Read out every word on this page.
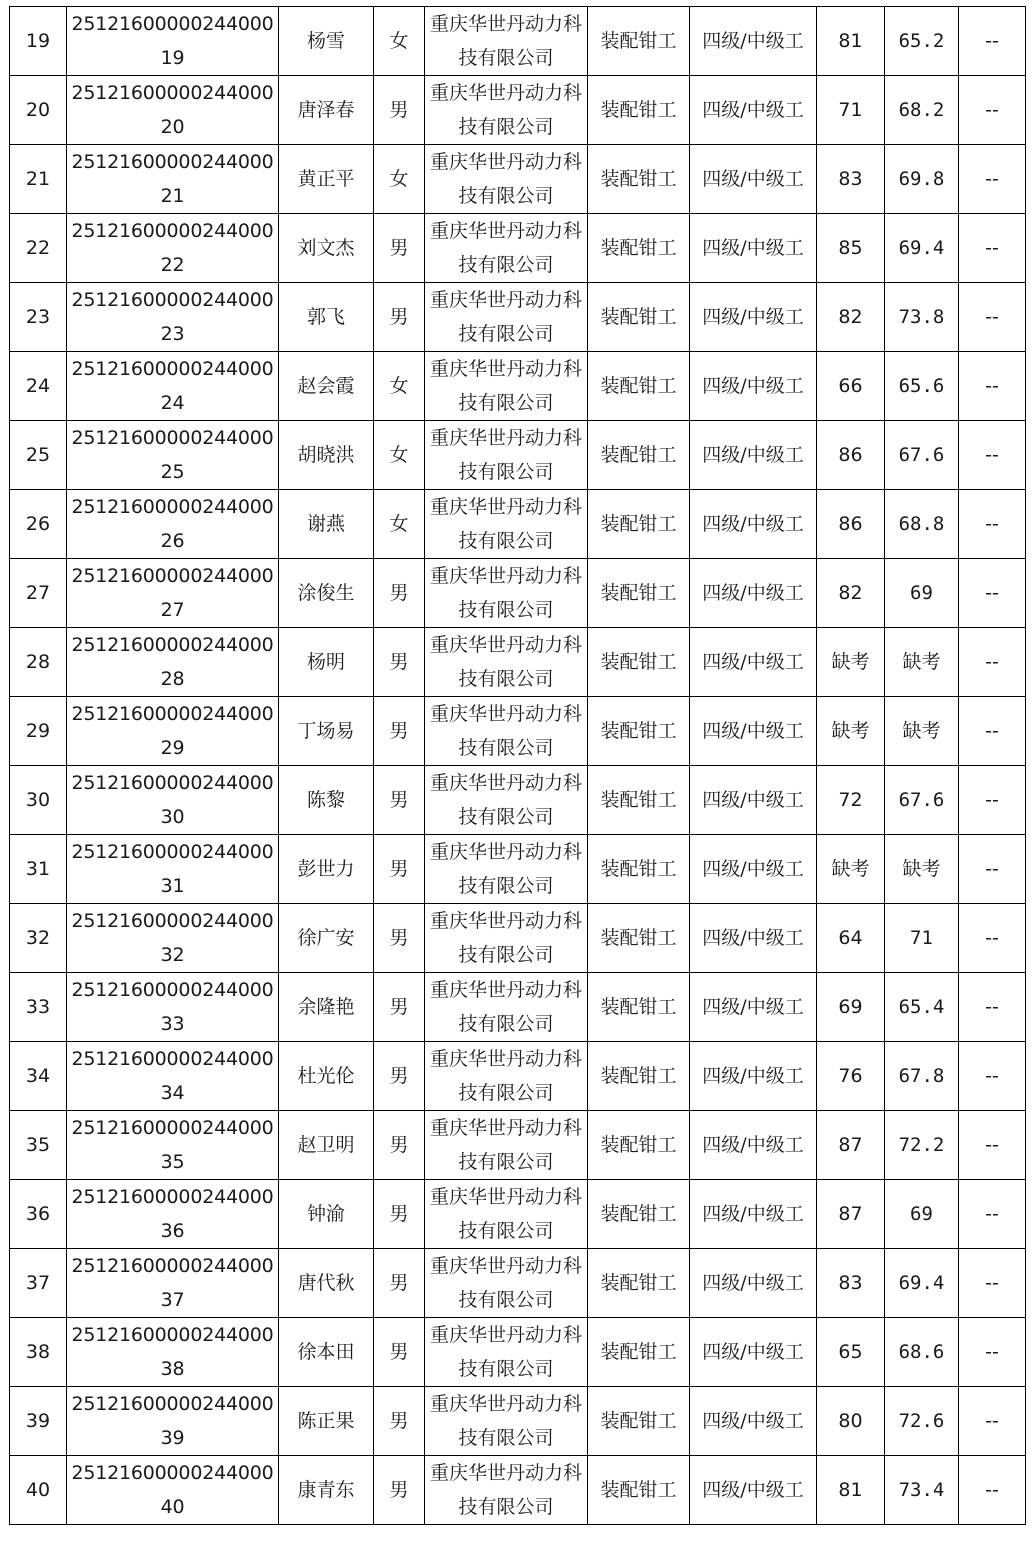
19	2512160000024400019	杨雪	女	重庆华世丹动力科技有限公司	装配钳工	四级/中级工	81	65.2	--
20	2512160000024400020	唐泽春	男	重庆华世丹动力科技有限公司	装配钳工	四级/中级工	71	68.2	--
21	2512160000024400021	黄正平	女	重庆华世丹动力科技有限公司	装配钳工	四级/中级工	83	69.8	--
22	2512160000024400022	刘文杰	男	重庆华世丹动力科技有限公司	装配钳工	四级/中级工	85	69.4	--
23	2512160000024400023	郭飞	男	重庆华世丹动力科技有限公司	装配钳工	四级/中级工	82	73.8	--
24	2512160000024400024	赵会霞	女	重庆华世丹动力科技有限公司	装配钳工	四级/中级工	66	65.6	--
25	2512160000024400025	胡晓洪	女	重庆华世丹动力科技有限公司	装配钳工	四级/中级工	86	67.6	--
26	2512160000024400026	谢燕	女	重庆华世丹动力科技有限公司	装配钳工	四级/中级工	86	68.8	--
27	2512160000024400027	涂俊生	男	重庆华世丹动力科技有限公司	装配钳工	四级/中级工	82	69	--
28	2512160000024400028	杨明	男	重庆华世丹动力科技有限公司	装配钳工	四级/中级工	缺考	缺考	--
29	2512160000024400029	丁场易	男	重庆华世丹动力科技有限公司	装配钳工	四级/中级工	缺考	缺考	--
30	2512160000024400030	陈黎	男	重庆华世丹动力科技有限公司	装配钳工	四级/中级工	72	67.6	--
31	2512160000024400031	彭世力	男	重庆华世丹动力科技有限公司	装配钳工	四级/中级工	缺考	缺考	--
32	2512160000024400032	徐广安	男	重庆华世丹动力科技有限公司	装配钳工	四级/中级工	64	71	--
33	2512160000024400033	余隆艳	男	重庆华世丹动力科技有限公司	装配钳工	四级/中级工	69	65.4	--
34	2512160000024400034	杜光伦	男	重庆华世丹动力科技有限公司	装配钳工	四级/中级工	76	67.8	--
35	2512160000024400035	赵卫明	男	重庆华世丹动力科技有限公司	装配钳工	四级/中级工	87	72.2	--
36	2512160000024400036	钟渝	男	重庆华世丹动力科技有限公司	装配钳工	四级/中级工	87	69	--
37	2512160000024400037	唐代秋	男	重庆华世丹动力科技有限公司	装配钳工	四级/中级工	83	69.4	--
38	2512160000024400038	徐本田	男	重庆华世丹动力科技有限公司	装配钳工	四级/中级工	65	68.6	--
39	2512160000024400039	陈正果	男	重庆华世丹动力科技有限公司	装配钳工	四级/中级工	80	72.6	--
40	2512160000024400040	康青东	男	重庆华世丹动力科技有限公司	装配钳工	四级/中级工	81	73.4	--
